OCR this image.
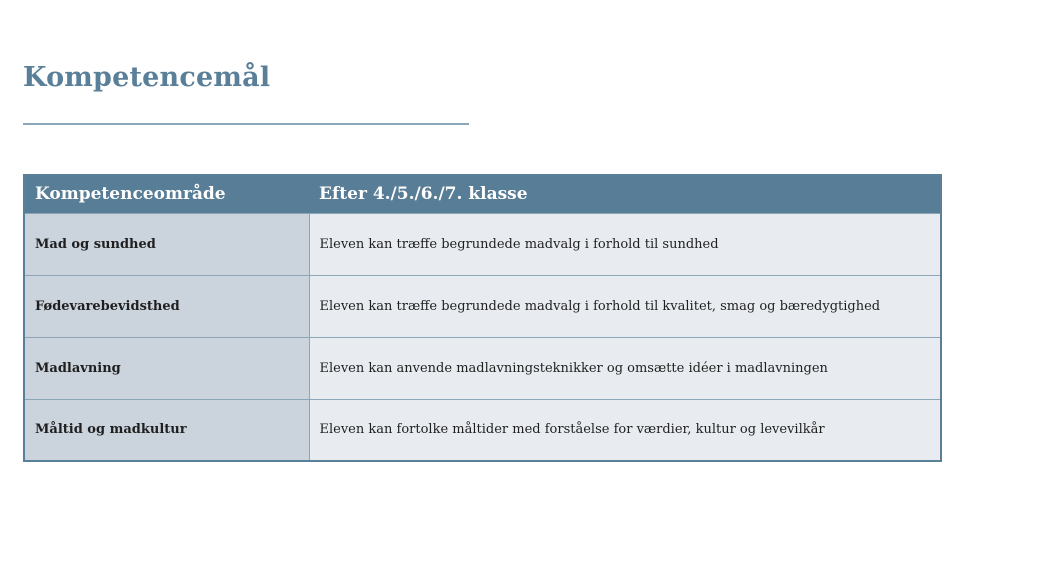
Kompetencemål
Kompetenceområde	Efter 4./5./6./7. klasse
Mad og sundhed	Eleven kan træffe begrundede madvalg i forhold til sundhed
Fødevarebevidsthed	Eleven kan træffe begrundede madvalg i forhold til kvalitet, smag og bæredygtighed
Madlavning	Eleven kan anvende madlavningsteknikker og omsætte idéer i madlavningen
Måltid og madkultur	Eleven kan fortolke måltider med forståelse for værdier, kultur og levevilkår
